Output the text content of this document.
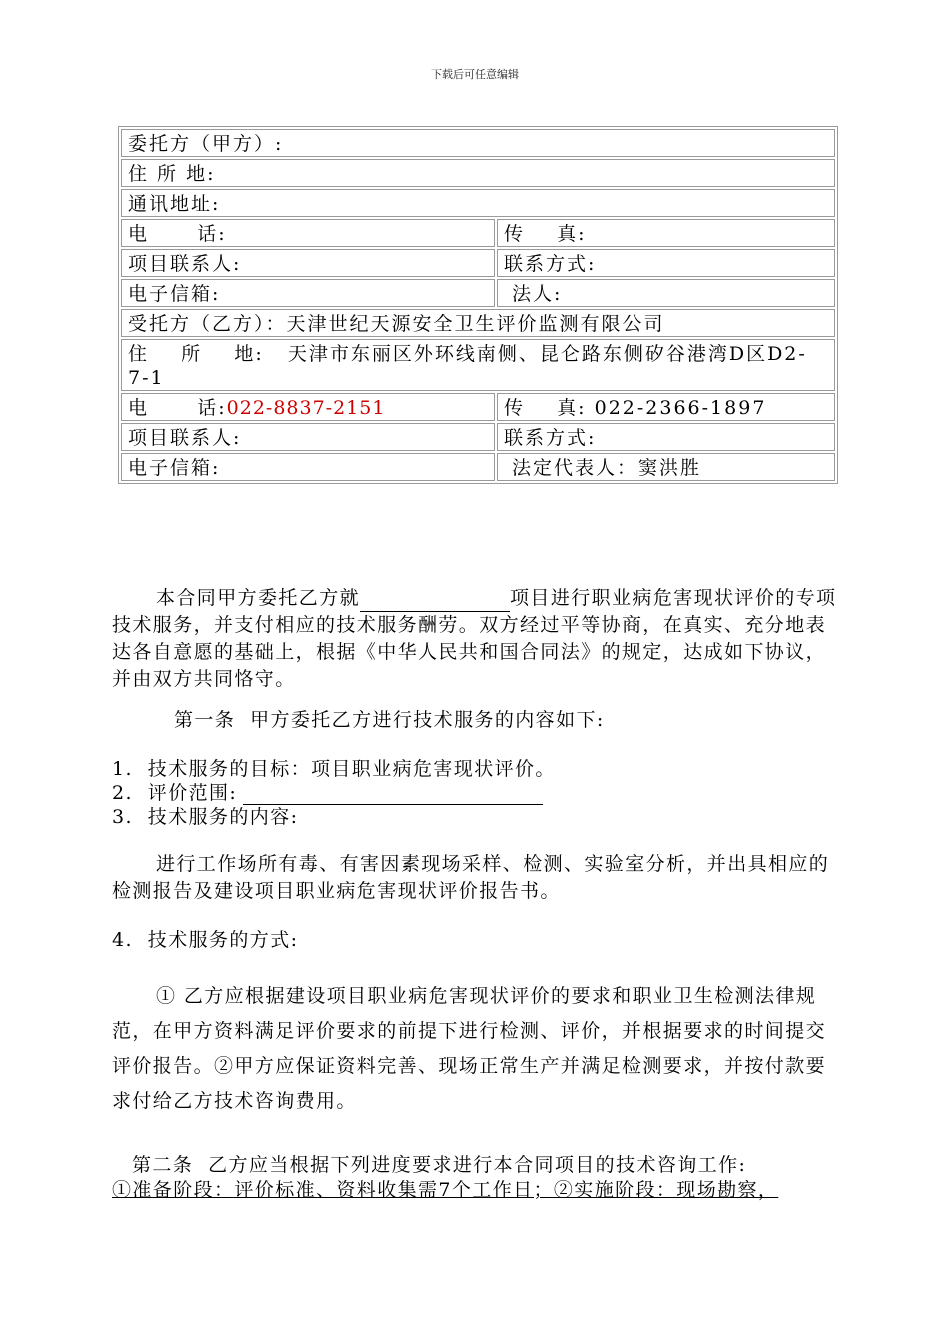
下载后可任意编辑
委托方（甲方）:	
住 所 地:	
通讯地址:	
电      话:	传    真:
项目联系人:	联系方式:
电子信箱:	法人:
受托方（乙方）：天津世纪天源安全卫生评价监测有限公司	
住    所    地:   天津市东丽区外环线南侧、昆仑路东侧矽谷港湾D区D2-7-1	
电      话:022-8837-2151	传    真: 022-2366-1897
项目联系人:	联系方式:
电子信箱:	法定代表人：窦洪胜
本合同甲方委托乙方就	项目进行职业病危害现状评价的专项技术服务，并支付相应的技术服务酬劳。双方经过平等协商，在真实、充分地表达各自意愿的基础上，根据《中华人民共和国合同法》的规定，达成如下协议，并由双方共同恪守。
第一条  甲方委托乙方进行技术服务的内容如下:
1.  技术服务的目标：项目职业病危害现状评价。
2.  评价范围:
3.  技术服务的内容:
进行工作场所有毒、有害因素现场采样、检测、实验室分析，并出具相应的检测报告及建设项目职业病危害现状评价报告书。
4.  技术服务的方式:
① 乙方应根据建设项目职业病危害现状评价的要求和职业卫生检测法律规范，在甲方资料满足评价要求的前提下进行检测、评价，并根据要求的时间提交评价报告。②甲方应保证资料完善、现场正常生产并满足检测要求，并按付款要求付给乙方技术咨询费用。
第二条  乙方应当根据下列进度要求进行本合同项目的技术咨询工作:
①准备阶段：评价标准、资料收集需7个工作日；②实施阶段：现场勘察，
